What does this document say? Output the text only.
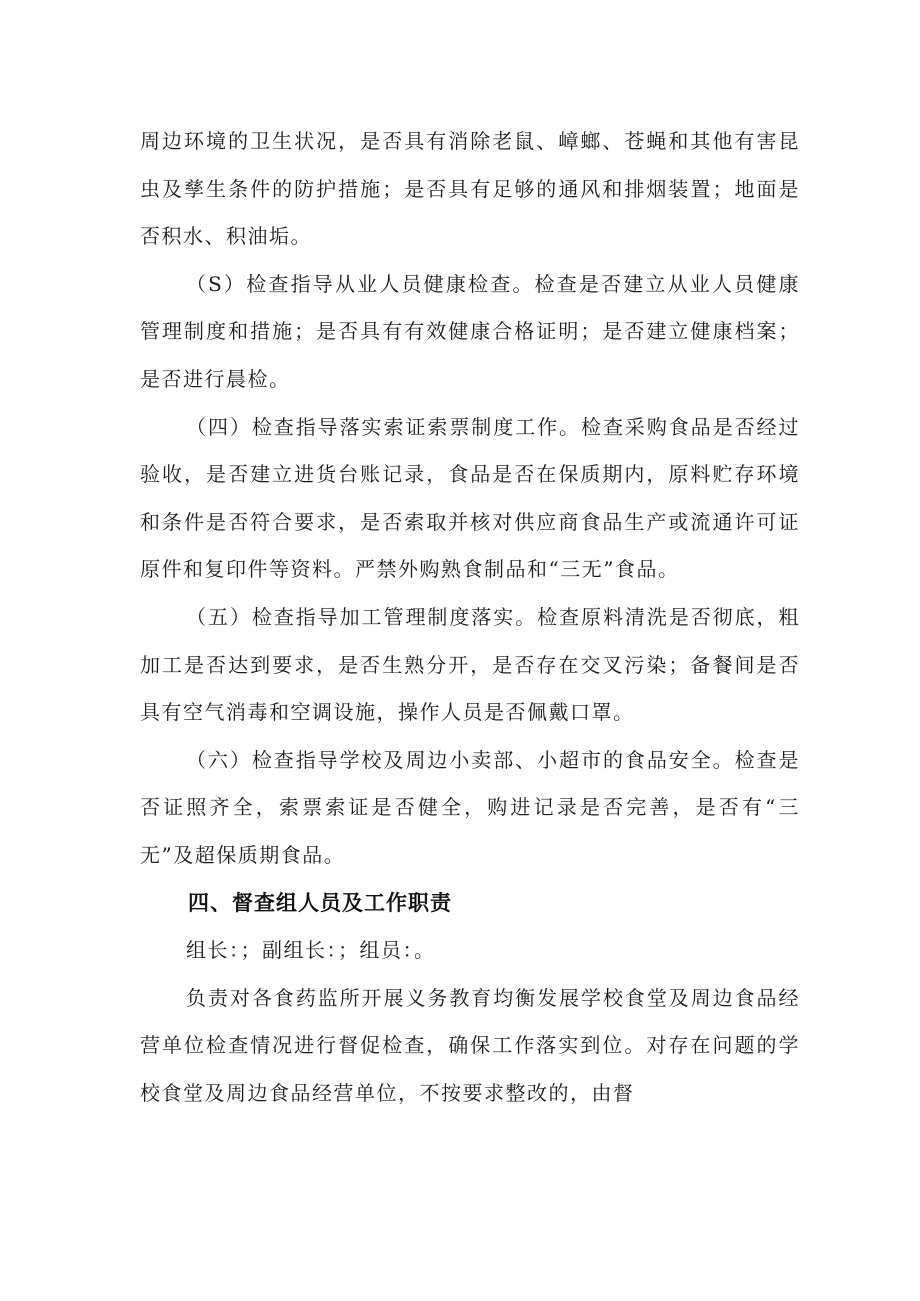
周边环境的卫生状况，是否具有消除老鼠、嶂螂、苍蝇和其他有害昆虫及孳生条件的防护措施；是否具有足够的通风和排烟装置；地面是否积水、积油垢。

（S）检查指导从业人员健康检查。检查是否建立从业人员健康管理制度和措施；是否具有有效健康合格证明；是否建立健康档案；是否进行晨检。

（四）检查指导落实索证索票制度工作。检查采购食品是否经过验收，是否建立进货台账记录，食品是否在保质期内，原料贮存环境和条件是否符合要求，是否索取并核对供应商食品生产或流通许可证原件和复印件等资料。严禁外购熟食制品和“三无”食品。

（五）检查指导加工管理制度落实。检查原料清洗是否彻底，粗加工是否达到要求，是否生熟分开，是否存在交叉污染；备餐间是否具有空气消毒和空调设施，操作人员是否佩戴口罩。

（六）检查指导学校及周边小卖部、小超市的食品安全。检查是否证照齐全，索票索证是否健全，购进记录是否完善，是否有“三无”及超保质期食品。

四、督查组人员及工作职责

组长：；副组长：；组员：。

负责对各食药监所开展义务教育均衡发展学校食堂及周边食品经营单位检查情况进行督促检查，确保工作落实到位。对存在问题的学校食堂及周边食品经营单位，不按要求整改的，由督
